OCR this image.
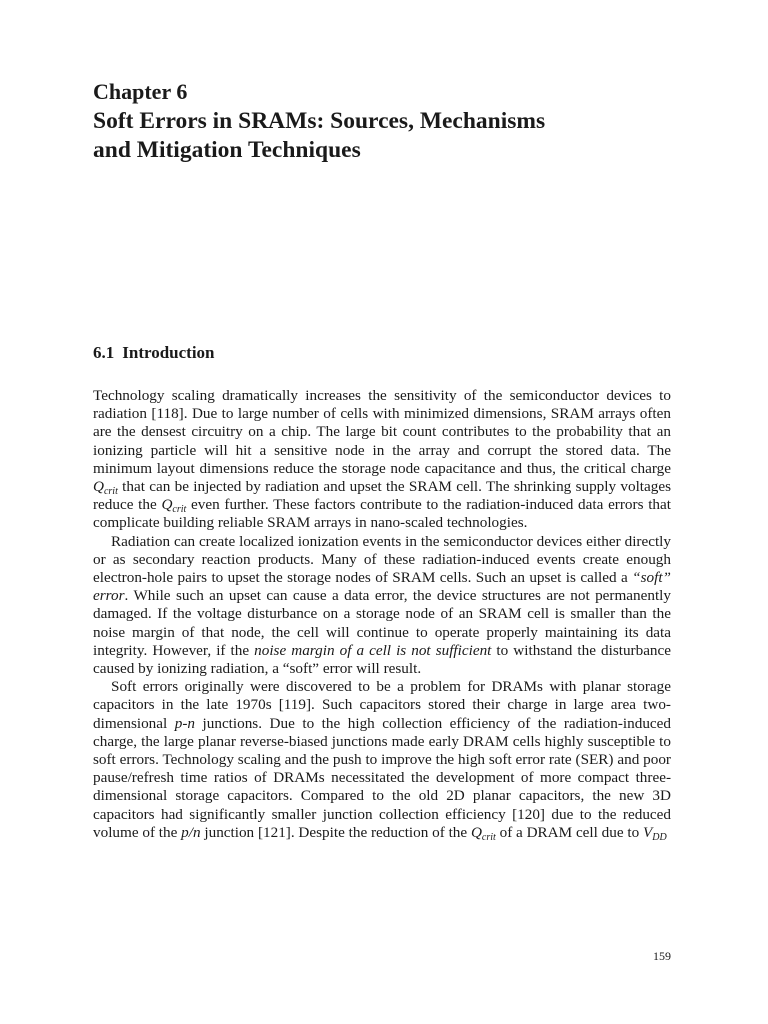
Chapter 6
Soft Errors in SRAMs: Sources, Mechanisms
and Mitigation Techniques
6.1 Introduction

Technology scaling dramatically increases the sensitivity of the semiconductor devices to radiation [118]. Due to large number of cells with minimized dimensions, SRAM arrays often are the densest circuitry on a chip. The large bit count contributes to the probability that an ionizing particle will hit a sensitive node in the array and corrupt the stored data. The minimum layout dimensions reduce the storage node capacitance and thus, the critical charge $Q_{crit}$ that can be injected by radiation and upset the SRAM cell. The shrinking supply voltages reduce the $Q_{crit}$ even further. These factors contribute to the radiation-induced data errors that complicate building reliable SRAM arrays in nano-scaled technologies.

Radiation can create localized ionization events in the semiconductor devices either directly or as secondary reaction products. Many of these radiation-induced events create enough electron-hole pairs to upset the storage nodes of SRAM cells. Such an upset is called a “soft” error. While such an upset can cause a data error, the device structures are not permanently damaged. If the voltage disturbance on a storage node of an SRAM cell is smaller than the noise margin of that node, the cell will continue to operate properly maintaining its data integrity. However, if the noise margin of a cell is not sufficient to withstand the disturbance caused by ionizing radiation, a “soft” error will result.

Soft errors originally were discovered to be a problem for DRAMs with planar storage capacitors in the late 1970s [119]. Such capacitors stored their charge in large area two-dimensional p-n junctions. Due to the high collection efficiency of the radiation-induced charge, the large planar reverse-biased junctions made early DRAM cells highly susceptible to soft errors. Technology scaling and the push to improve the high soft error rate (SER) and poor pause/refresh time ratios of DRAMs necessitated the development of more compact three-dimensional storage capacitors. Compared to the old 2D planar capacitors, the new 3D capacitors had significantly smaller junction collection efficiency [120] due to the reduced volume of the p/n junction [121]. Despite the reduction of the $Q_{crit}$ of a DRAM cell due to $V_{DD}$

159
